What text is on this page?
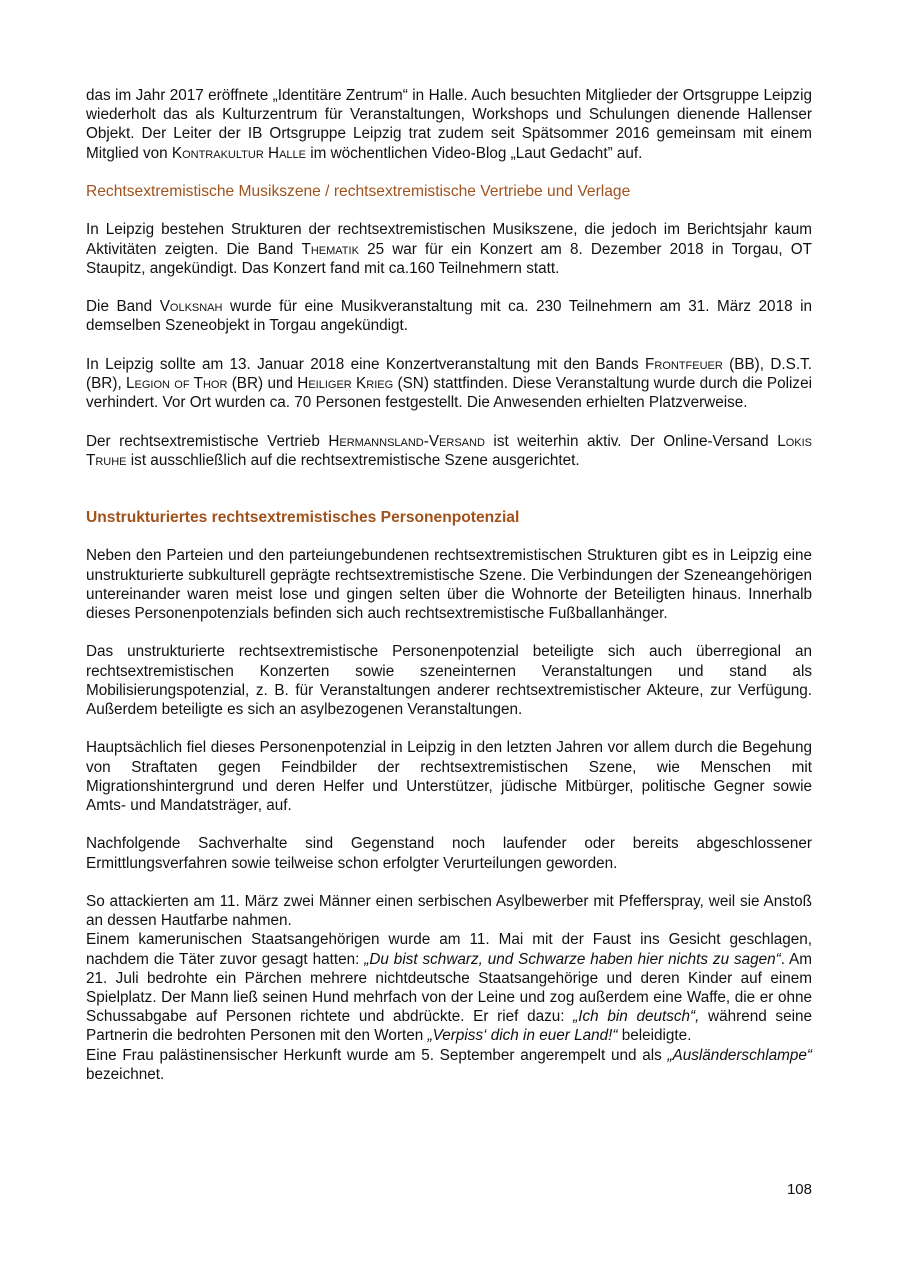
das im Jahr 2017 eröffnete „Identitäre Zentrum“ in Halle. Auch besuchten Mitglieder der Ortsgruppe Leipzig wiederholt das als Kulturzentrum für Veranstaltungen, Workshops und Schulungen dienende Hallenser Objekt. Der Leiter der IB Ortsgruppe Leipzig trat zudem seit Spätsommer 2016 gemeinsam mit einem Mitglied von Kontrakultur Halle im wöchentlichen Video-Blog „Laut Gedacht” auf.

Rechtsextremistische Musikszene / rechtsextremistische Vertriebe und Verlage

In Leipzig bestehen Strukturen der rechtsextremistischen Musikszene, die jedoch im Berichtsjahr kaum Aktivitäten zeigten. Die Band Thematik 25 war für ein Konzert am 8. Dezember 2018 in Torgau, OT Staupitz, angekündigt. Das Konzert fand mit ca.160 Teilnehmern statt.

Die Band Volksnah wurde für eine Musikveranstaltung mit ca. 230 Teilnehmern am 31. März 2018 in demselben Szeneobjekt in Torgau angekündigt.

In Leipzig sollte am 13. Januar 2018 eine Konzertveranstaltung mit den Bands Frontfeuer (BB), D.S.T. (BR), Legion of Thor (BR) und Heiliger Krieg (SN) stattfinden. Diese Veranstaltung wurde durch die Polizei verhindert. Vor Ort wurden ca. 70 Personen festgestellt. Die Anwesenden erhielten Platzverweise.

Der rechtsextremistische Vertrieb Hermannsland-Versand ist weiterhin aktiv. Der Online-Versand Lokis Truhe ist ausschließlich auf die rechtsextremistische Szene ausgerichtet.

Unstrukturiertes rechtsextremistisches Personenpotenzial

Neben den Parteien und den parteiungebundenen rechtsextremistischen Strukturen gibt es in Leipzig eine unstrukturierte subkulturell geprägte rechtsextremistische Szene. Die Verbindungen der Szeneangehörigen untereinander waren meist lose und gingen selten über die Wohnorte der Beteiligten hinaus. Innerhalb dieses Personenpotenzials befinden sich auch rechtsextremistische Fußballanhänger.

Das unstrukturierte rechtsextremistische Personenpotenzial beteiligte sich auch überregional an rechtsextremistischen Konzerten sowie szeneinternen Veranstaltungen und stand als Mobilisierungspotenzial, z. B. für Veranstaltungen anderer rechtsextremistischer Akteure, zur Verfügung. Außerdem beteiligte es sich an asylbezogenen Veranstaltungen.

Hauptsächlich fiel dieses Personenpotenzial in Leipzig in den letzten Jahren vor allem durch die Begehung von Straftaten gegen Feindbilder der rechtsextremistischen Szene, wie Menschen mit Migrationshintergrund und deren Helfer und Unterstützer, jüdische Mitbürger, politische Gegner sowie Amts- und Mandatsträger, auf.

Nachfolgende Sachverhalte sind Gegenstand noch laufender oder bereits abgeschlossener Ermittlungsverfahren sowie teilweise schon erfolgter Verurteilungen geworden.

So attackierten am 11. März zwei Männer einen serbischen Asylbewerber mit Pfefferspray, weil sie Anstoß an dessen Hautfarbe nahmen.

Einem kamerunischen Staatsangehörigen wurde am 11. Mai mit der Faust ins Gesicht geschlagen, nachdem die Täter zuvor gesagt hatten: „Du bist schwarz, und Schwarze haben hier nichts zu sagen“. Am 21. Juli bedrohte ein Pärchen mehrere nichtdeutsche Staatsangehörige und deren Kinder auf einem Spielplatz. Der Mann ließ seinen Hund mehrfach von der Leine und zog außerdem eine Waffe, die er ohne Schussabgabe auf Personen richtete und abdrückte. Er rief dazu: „Ich bin deutsch“, während seine Partnerin die bedrohten Personen mit den Worten „Verpiss‘ dich in euer Land!“ beleidigte.

Eine Frau palästinensischer Herkunft wurde am 5. September angerempelt und als „Ausländerschlampe“ bezeichnet.

108
